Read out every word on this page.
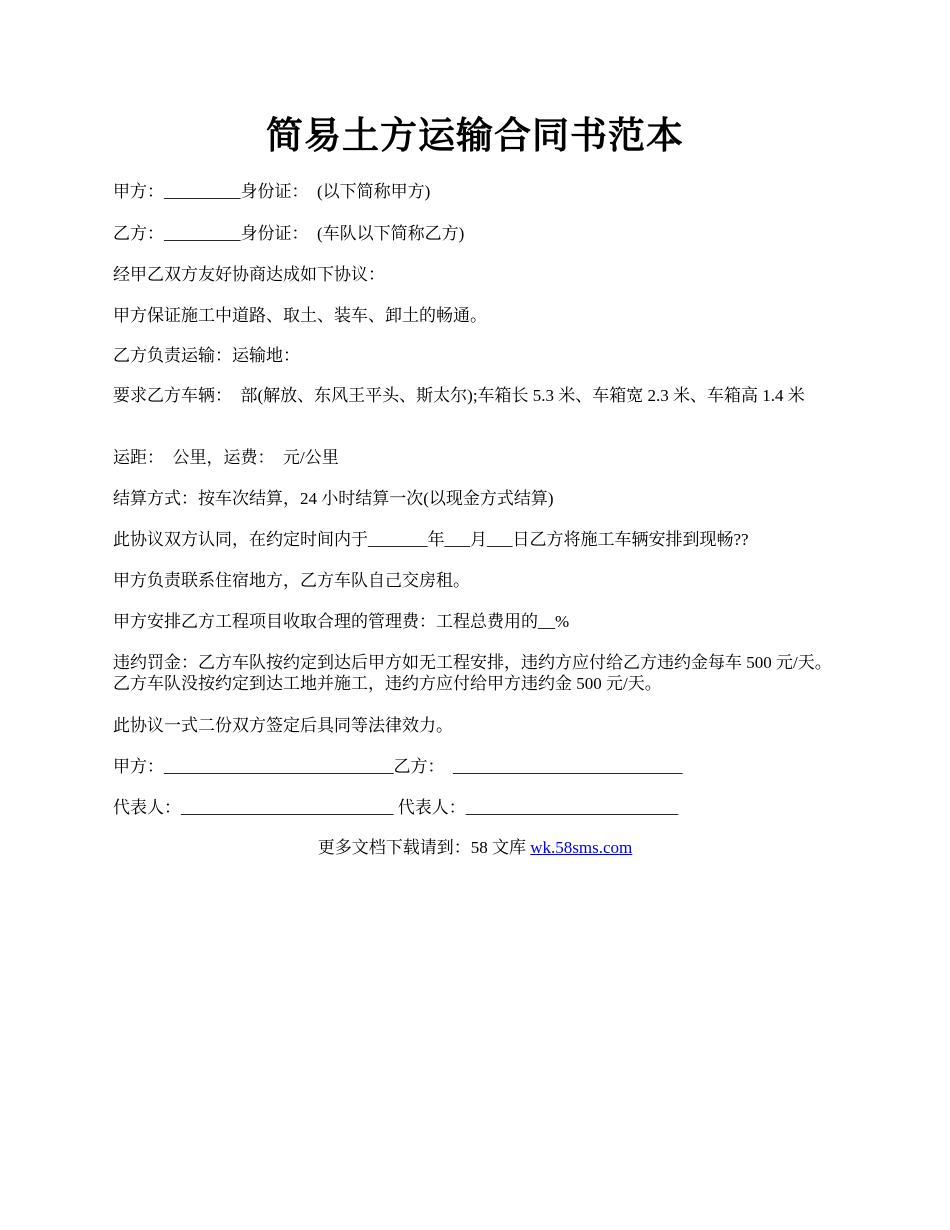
简易土方运输合同书范本
甲方：_________身份证：  (以下简称甲方)
乙方：_________身份证：  (车队以下简称乙方)
经甲乙双方友好协商达成如下协议：
甲方保证施工中道路、取土、装车、卸土的畅通。
乙方负责运输：运输地：
要求乙方车辆：  部(解放、东风王平头、斯太尔);车箱长 5.3 米、车箱宽 2.3 米、车箱高 1.4 米
运距：  公里，运费：  元/公里
结算方式：按车次结算，24 小时结算一次(以现金方式结算)
此协议双方认同，在约定时间内于_______年___月___日乙方将施工车辆安排到现畅??
甲方负责联系住宿地方，乙方车队自己交房租。
甲方安排乙方工程项目收取合理的管理费：工程总费用的__%
违约罚金：乙方车队按约定到达后甲方如无工程安排，违约方应付给乙方违约金每车 500 元/天。乙方车队没按约定到达工地并施工，违约方应付给甲方违约金 500 元/天。
此协议一式二份双方签定后具同等法律效力。
甲方：___________________________乙方：  ___________________________
代表人：_________________________ 代表人：_________________________
更多文档下载请到：58 文库 wk.58sms.com
